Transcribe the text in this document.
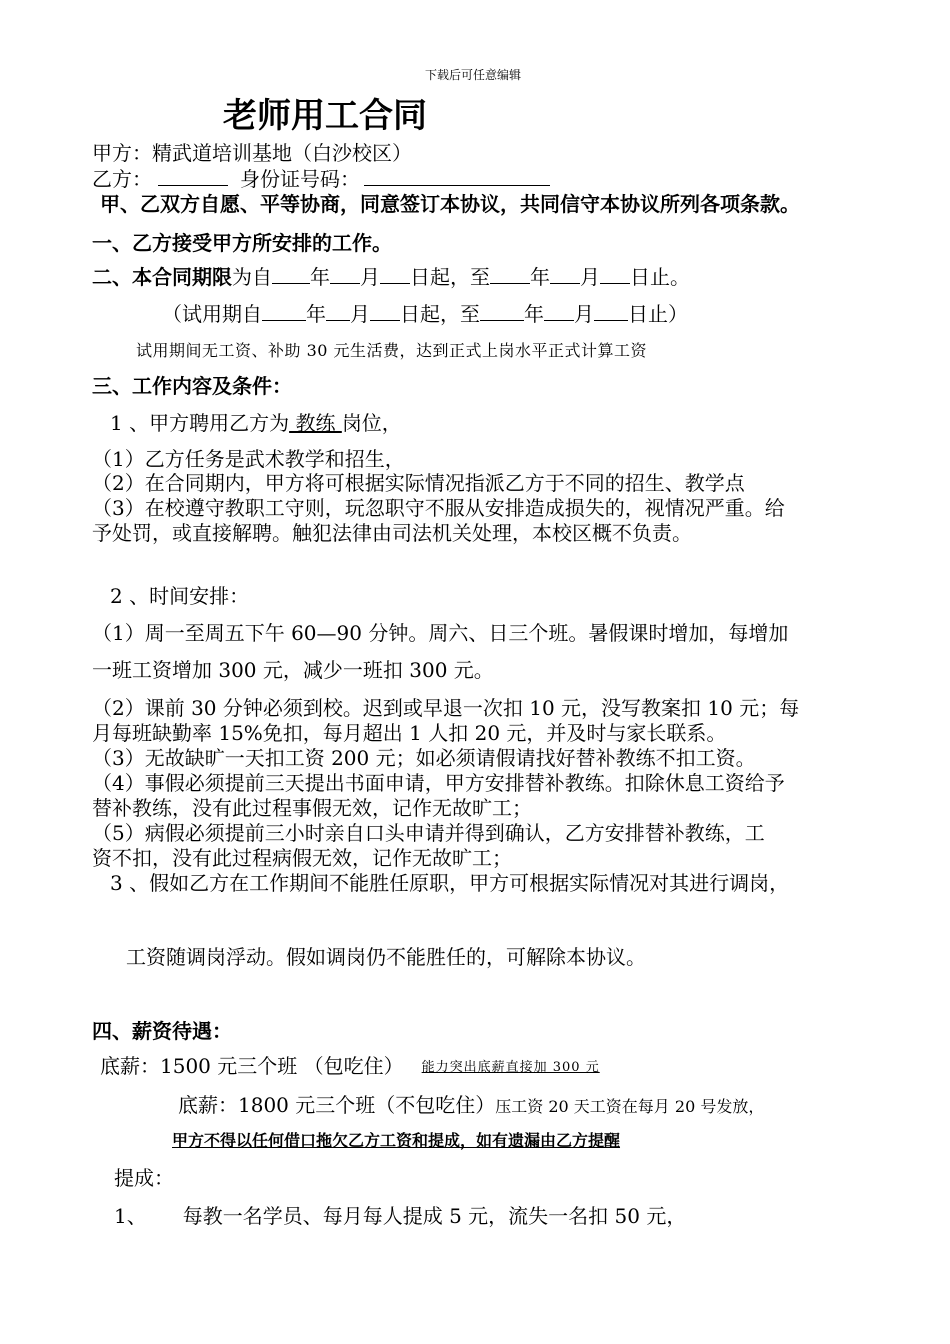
下载后可任意编辑
老师用工合同
甲方：精武道培训基地（白沙校区）
乙方：	身份证号码：
甲、乙双方自愿、平等协商，同意签订本协议，共同信守本协议所列各项条款。
一、乙方接受甲方所安排的工作。
二、本合同期限为自 年 月 日起，至 年 月 日止。
（试用期自 年 月 日起，至 年 月 日止）
试用期间无工资、补助 30 元生活费，达到正式上岗水平正式计算工资
三、工作内容及条件：
1 、甲方聘用乙方为 教练 岗位，
（1）乙方任务是武术教学和招生，
（2）在合同期内，甲方将可根据实际情况指派乙方于不同的招生、教学点
（3）在校遵守教职工守则，玩忽职守不服从安排造成损失的，视情况严重。给
予处罚，或直接解聘。触犯法律由司法机关处理，本校区概不负责。
2 、时间安排：
（1）周一至周五下午 60—90 分钟。周六、日三个班。暑假课时增加，每增加
一班工资增加 300 元，减少一班扣 300 元。
（2）课前 30 分钟必须到校。迟到或早退一次扣 10 元，没写教案扣 10 元；每
月每班缺勤率 15%免扣，每月超出 1 人扣 20 元，并及时与家长联系。
（3）无故缺旷一天扣工资 200 元；如必须请假请找好替补教练不扣工资。
（4）事假必须提前三天提出书面申请，甲方安排替补教练。扣除休息工资给予
替补教练，没有此过程事假无效，记作无故旷工；
（5）病假必须提前三小时亲自口头申请并得到确认，乙方安排替补教练，工
资不扣，没有此过程病假无效，记作无故旷工；
3 、假如乙方在工作期间不能胜任原职，甲方可根据实际情况对其进行调岗，
工资随调岗浮动。假如调岗仍不能胜任的，可解除本协议。
四、薪资待遇：
底薪：1500 元三个班 （包吃住） 能力突出底薪直接加 300 元
底薪：1800 元三个班（不包吃住）压工资 20 天工资在每月 20 号发放，
甲方不得以任何借口拖欠乙方工资和提成，如有遗漏由乙方提醒
提成：
1、 每教一名学员、每月每人提成 5 元，流失一名扣 50 元，
